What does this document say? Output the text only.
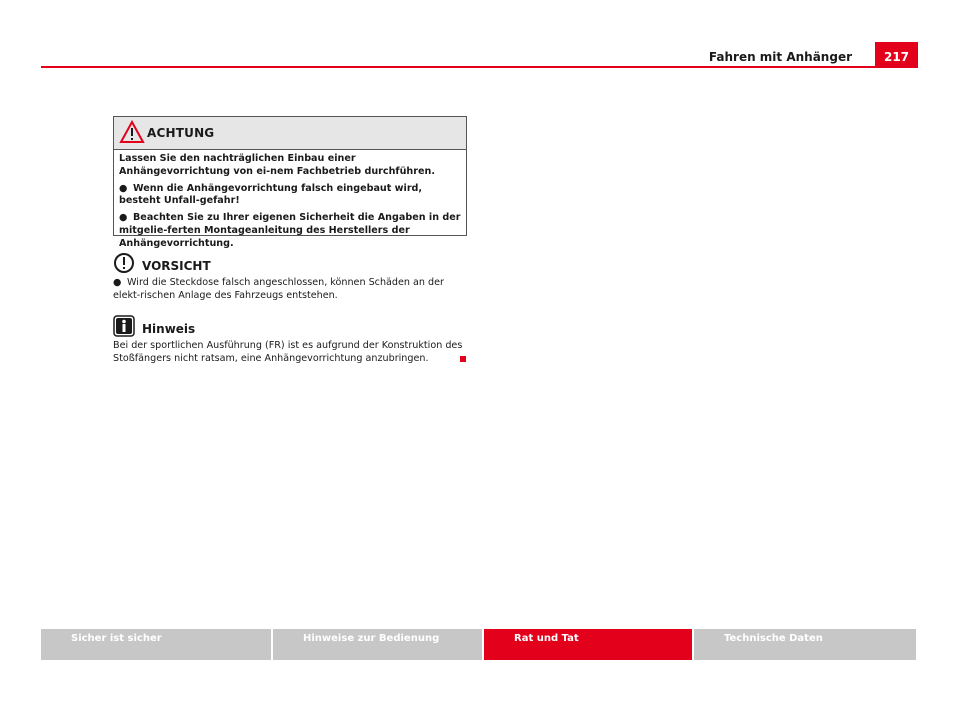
Fahren mit Anhänger	217
ACHTUNG

Lassen Sie den nachträglichen Einbau einer Anhängevorrichtung von ei-nem Fachbetrieb durchführen.

● Wenn die Anhängevorrichtung falsch eingebaut wird, besteht Unfall-gefahr!

● Beachten Sie zu Ihrer eigenen Sicherheit die Angaben in der mitgelie-ferten Montageanleitung des Herstellers der Anhängevorrichtung.

VORSICHT
● Wird die Steckdose falsch angeschlossen, können Schäden an der elekt-rischen Anlage des Fahrzeugs entstehen.
Hinweis
Bei der sportlichen Ausführung (FR) ist es aufgrund der Konstruktion des Stoßfängers nicht ratsam, eine Anhängevorrichtung anzubringen.
Sicher ist sicher	Hinweise zur Bedienung	Rat und Tat	Technische Daten
